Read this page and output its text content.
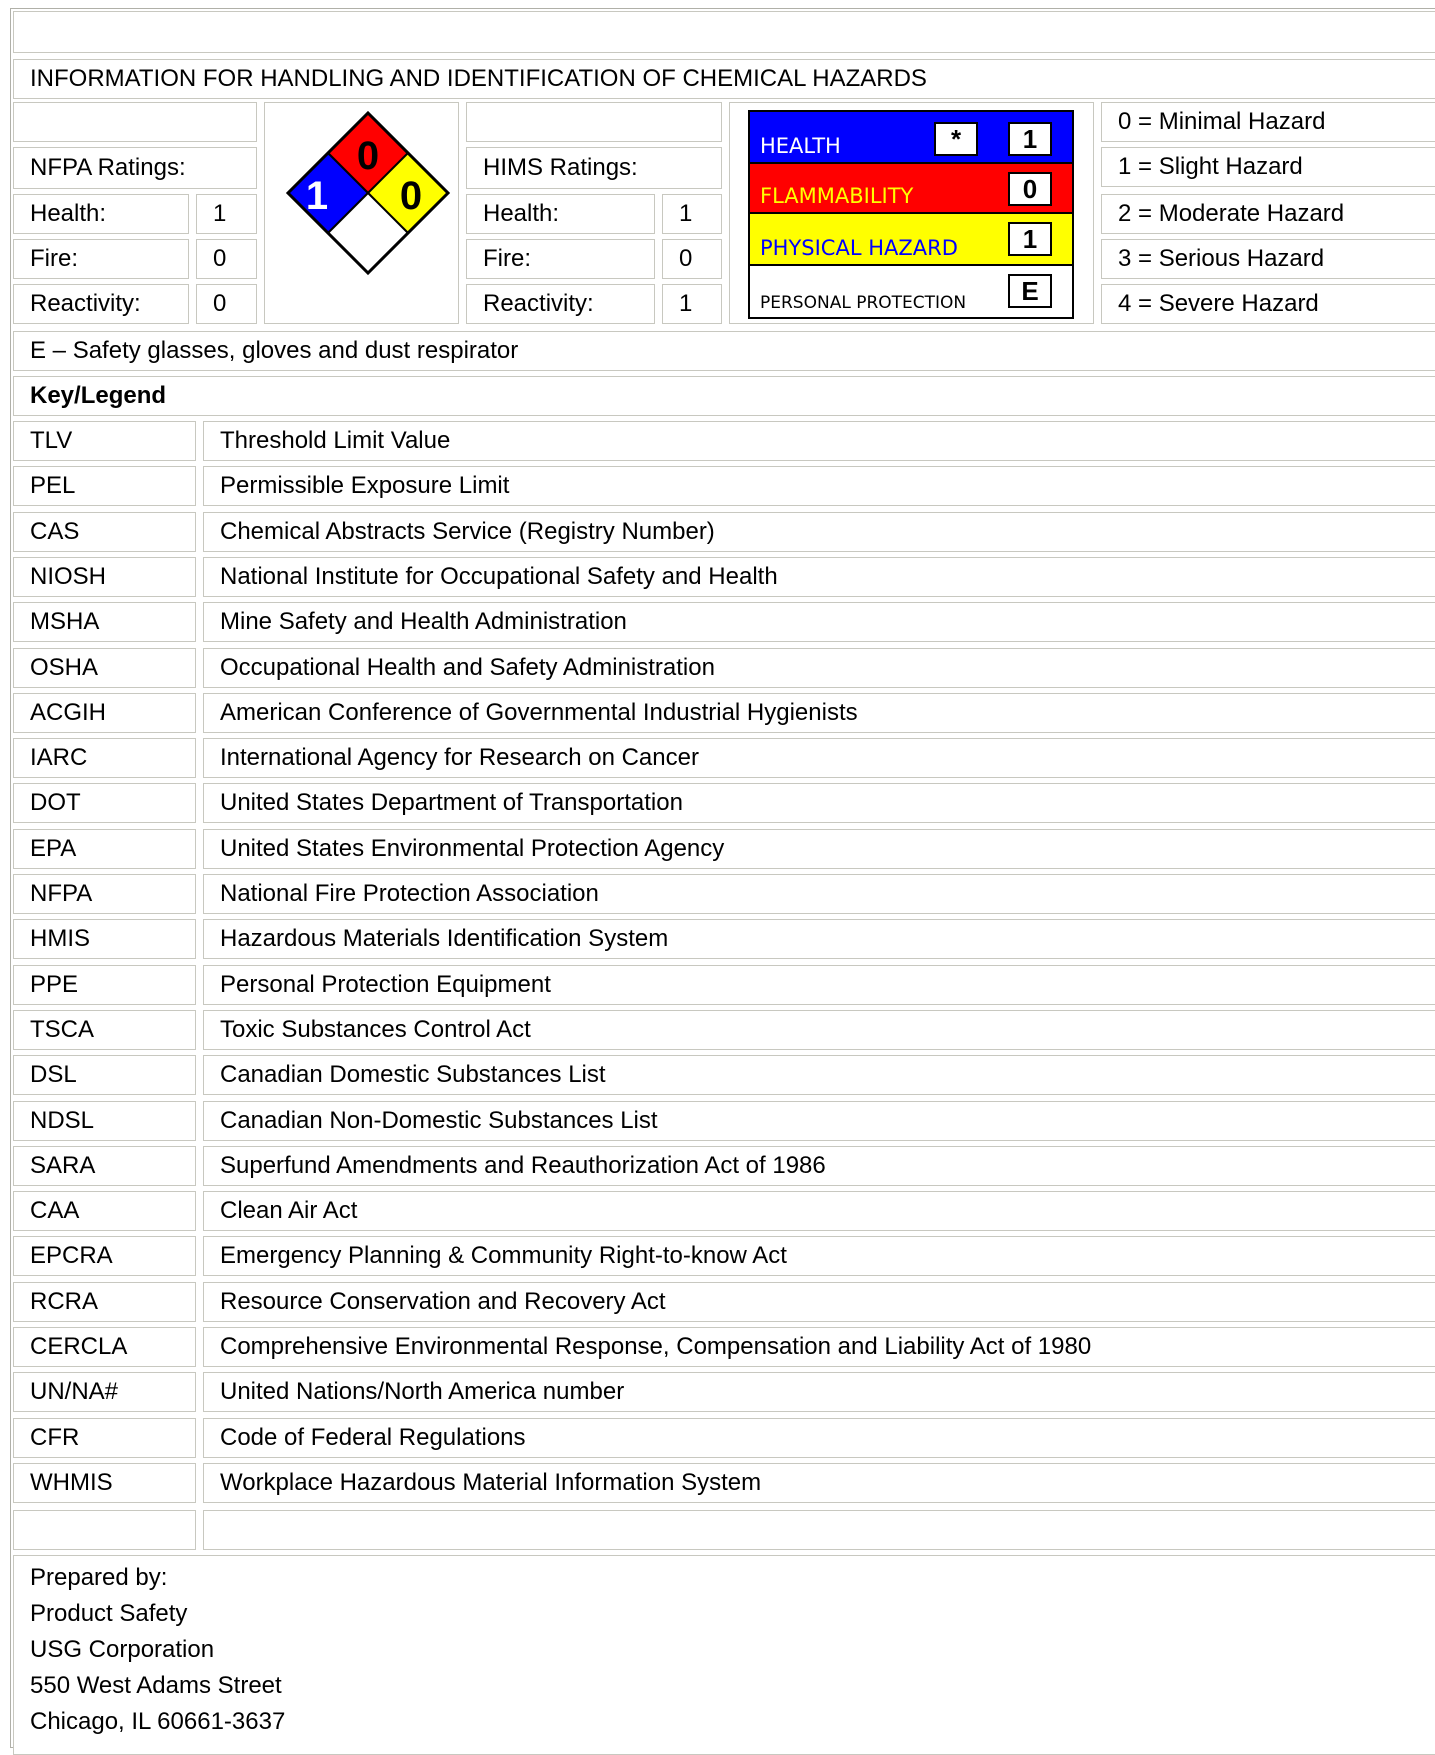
INFORMATION FOR HANDLING AND IDENTIFICATION OF CHEMICAL HAZARDS
NFPA Ratings:
Health:	1
Fire:	0
Reactivity:	0
0
1 0
HIMS Ratings:
Health:	1
Fire:	0
Reactivity:	1
HEALTH	*	1
FLAMMABILITY	0
PHYSICAL HAZARD	1
PERSONAL PROTECTION	E
0 = Minimal Hazard
1 = Slight Hazard
2 = Moderate Hazard
3 = Serious Hazard
4 = Severe Hazard
E – Safety glasses, gloves and dust respirator
Key/Legend
TLV	Threshold Limit Value
PEL	Permissible Exposure Limit
CAS	Chemical Abstracts Service (Registry Number)
NIOSH	National Institute for Occupational Safety and Health
MSHA	Mine Safety and Health Administration
OSHA	Occupational Health and Safety Administration
ACGIH	American Conference of Governmental Industrial Hygienists
IARC	International Agency for Research on Cancer
DOT	United States Department of Transportation
EPA	United States Environmental Protection Agency
NFPA	National Fire Protection Association
HMIS	Hazardous Materials Identification System
PPE	Personal Protection Equipment
TSCA	Toxic Substances Control Act
DSL	Canadian Domestic Substances List
NDSL	Canadian Non-Domestic Substances List
SARA	Superfund Amendments and Reauthorization Act of 1986
CAA	Clean Air Act
EPCRA	Emergency Planning & Community Right-to-know Act
RCRA	Resource Conservation and Recovery Act
CERCLA	Comprehensive Environmental Response, Compensation and Liability Act of 1980
UN/NA#	United Nations/North America number
CFR	Code of Federal Regulations
WHMIS	Workplace Hazardous Material Information System
Prepared by:
Product Safety
USG Corporation
550 West Adams Street
Chicago, IL 60661-3637
